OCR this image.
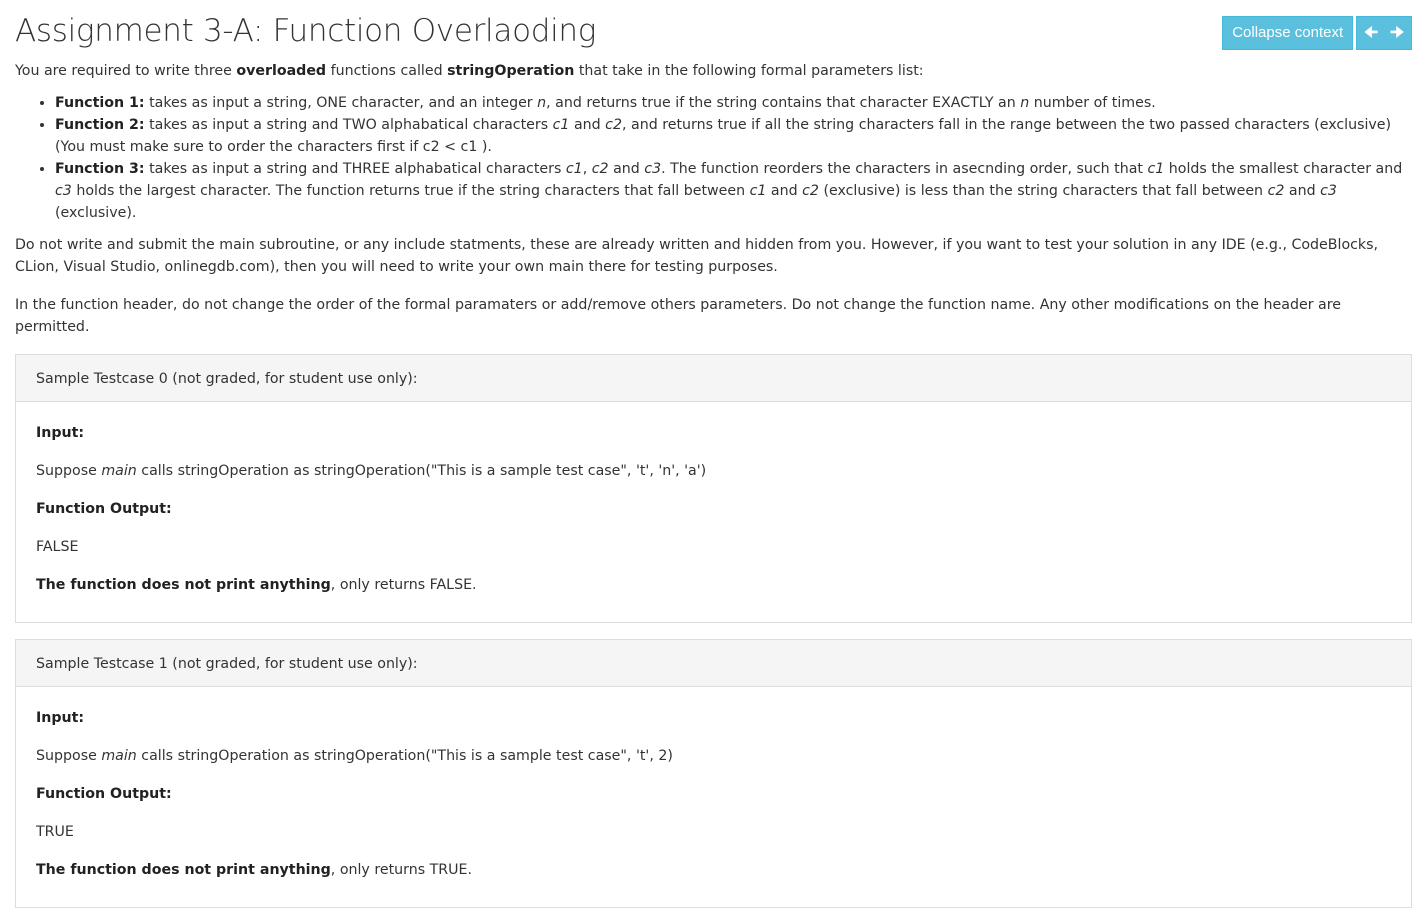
Assignment 3-A: Function Overlaoding	Collapse context	🠈 🠊

You are required to write three overloaded functions called stringOperation that take in the following formal parameters list:

• Function 1: takes as input a string, ONE character, and an integer n, and returns true if the string contains that character EXACTLY an n number of times.
• Function 2: takes as input a string and TWO alphabatical characters c1 and c2, and returns true if all the string characters fall in the range between the two passed characters (exclusive) (You must make sure to order the characters first if c2 < c1 ).
• Function 3: takes as input a string and THREE alphabatical characters c1, c2 and c3. The function reorders the characters in asecnding order, such that c1 holds the smallest character and c3 holds the largest character. The function returns true if the string characters that fall between c1 and c2 (exclusive) is less than the string characters that fall between c2 and c3 (exclusive).

Do not write and submit the main subroutine, or any include statments, these are already written and hidden from you. However, if you want to test your solution in any IDE (e.g., CodeBlocks, CLion, Visual Studio, onlinegdb.com), then you will need to write your own main there for testing purposes.

In the function header, do not change the order of the formal paramaters or add/remove others parameters. Do not change the function name. Any other modifications on the header are permitted.

Sample Testcase 0 (not graded, for student use only):

Input:

Suppose main calls stringOperation as stringOperation("This is a sample test case", 't', 'n', 'a')

Function Output:

FALSE

The function does not print anything, only returns FALSE.

Sample Testcase 1 (not graded, for student use only):

Input:

Suppose main calls stringOperation as stringOperation("This is a sample test case", 't', 2)

Function Output:

TRUE

The function does not print anything, only returns TRUE.
